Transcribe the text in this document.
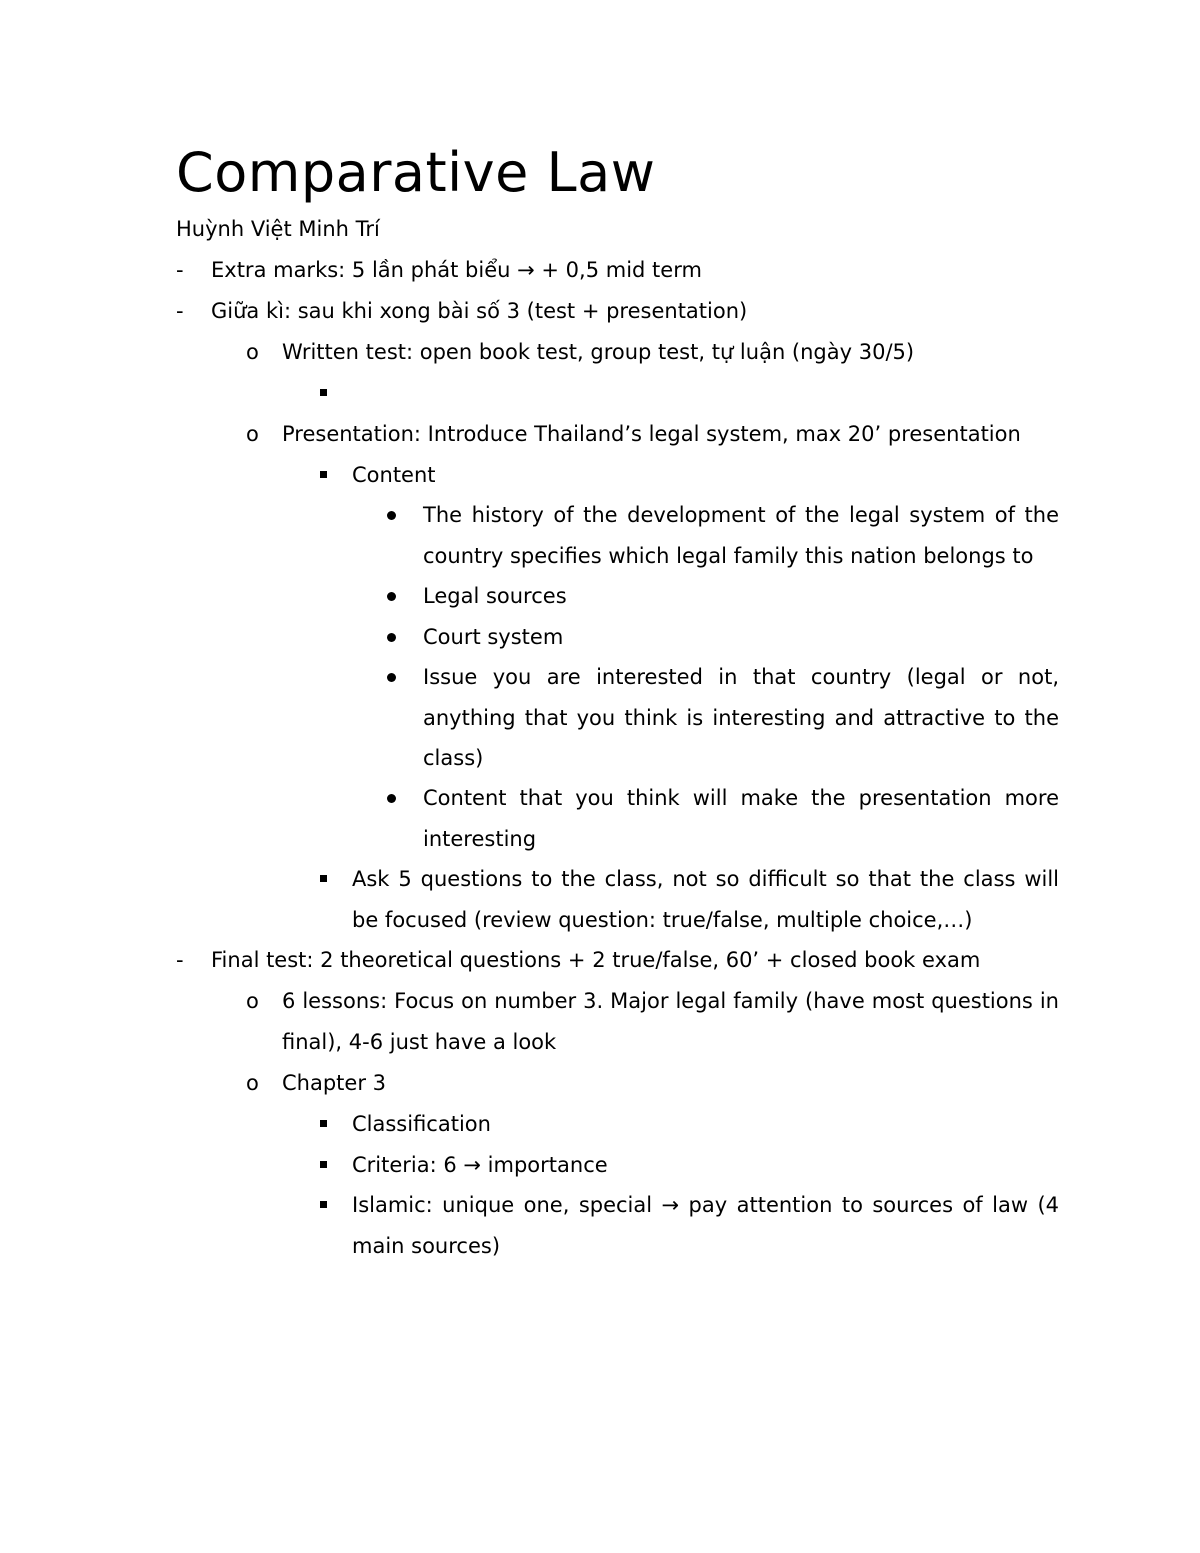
Comparative Law

Huỳnh Việt Minh Trí

- Extra marks: 5 lần phát biểu → + 0,5 mid term

- Giữa kì: sau khi xong bài số 3 (test + presentation)

o Written test: open book test, group test, tự luận (ngày 30/5)

o Presentation: Introduce Thailand’s legal system, max 20’ presentation

Content

The history of the development of the legal system of the country specifies which legal family this nation belongs to

Legal sources

Court system

Issue you are interested in that country (legal or not, anything that you think is interesting and attractive to the class)

Content that you think will make the presentation more interesting

Ask 5 questions to the class, not so difficult so that the class will be focused (review question: true/false, multiple choice,…)

- Final test: 2 theoretical questions + 2 true/false, 60’ + closed book exam

o 6 lessons: Focus on number 3. Major legal family (have most questions in final), 4-6 just have a look

o Chapter 3

Classification

Criteria: 6 → importance

Islamic: unique one, special → pay attention to sources of law (4 main sources)
